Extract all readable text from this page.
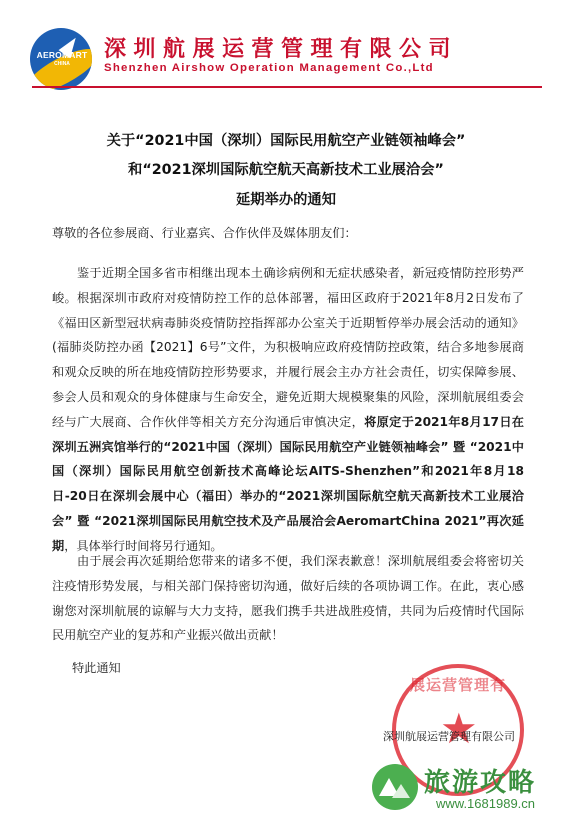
AEROMART
CHINA
深圳航展运营管理有限公司
Shenzhen Airshow Operation Management Co.,Ltd
关于“2021中国（深圳）国际民用航空产业链领袖峰会”
和“2021深圳国际航空航天高新技术工业展洽会”
延期举办的通知
尊敬的各位参展商、行业嘉宾、合作伙伴及媒体朋友们：
鉴于近期全国多省市相继出现本土确诊病例和无症状感染者，新冠疫情防控形势严峻。根据深圳市政府对疫情防控工作的总体部署，福田区政府于2021年8月2日发布了《福田区新型冠状病毒肺炎疫情防控指挥部办公室关于近期暂停举办展会活动的通知》(福肺炎防控办函【2021】6号”文件，为积极响应政府疫情防控政策，结合多地参展商和观众反映的所在地疫情防控形势要求，并履行展会主办方社会责任，切实保障参展、参会人员和观众的身体健康与生命安全，避免近期大规模聚集的风险，深圳航展组委会经与广大展商、合作伙伴等相关方充分沟通后审慎决定，将原定于2021年8月17日在深圳五洲宾馆举行的“2021中国（深圳）国际民用航空产业链领袖峰会” 暨 “2021中国（深圳）国际民用航空创新技术高峰论坛AITS-Shenzhen”和2021年8月18日-20日在深圳会展中心（福田）举办的“2021深圳国际航空航天高新技术工业展洽会” 暨 “2021深圳国际民用航空技术及产品展洽会AeromartChina 2021”再次延期，具体举行时间将另行通知。
由于展会再次延期给您带来的诸多不便，我们深表歉意！深圳航展组委会将密切关注疫情形势发展，与相关部门保持密切沟通，做好后续的各项协调工作。在此，衷心感谢您对深圳航展的谅解与大力支持，愿我们携手共进战胜疫情，共同为后疫情时代国际民用航空产业的复苏和产业振兴做出贡献！
特此通知
展运营管理有
★
深圳航展运营管理有限公司
旅游攻略
www.1681989.cn
